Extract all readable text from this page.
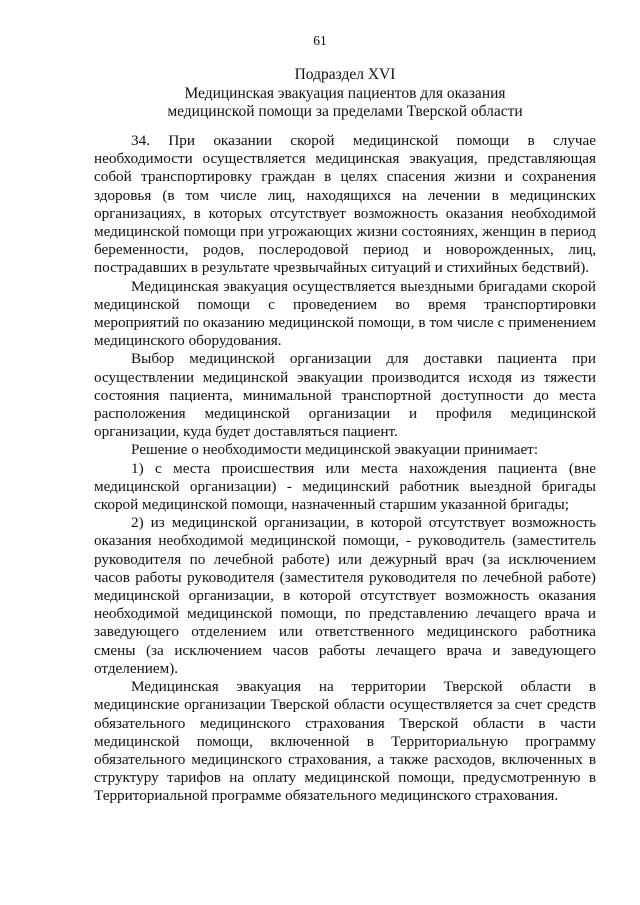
61
Подраздел XVI
Медицинская эвакуация пациентов для оказания
медицинской помощи за пределами Тверской области

34. При оказании скорой медицинской помощи в случае необходимости осуществляется медицинская эвакуация, представляющая собой транспортировку граждан в целях спасения жизни и сохранения здоровья (в том числе лиц, находящихся на лечении в медицинских организациях, в которых отсутствует возможность оказания необходимой медицинской помощи при угрожающих жизни состояниях, женщин в период беременности, родов, послеродовой период и новорожденных, лиц, пострадавших в результате чрезвычайных ситуаций и стихийных бедствий).

Медицинская эвакуация осуществляется выездными бригадами скорой медицинской помощи с проведением во время транспортировки мероприятий по оказанию медицинской помощи, в том числе с применением медицинского оборудования.

Выбор медицинской организации для доставки пациента при осуществлении медицинской эвакуации производится исходя из тяжести состояния пациента, минимальной транспортной доступности до места расположения медицинской организации и профиля медицинской организации, куда будет доставляться пациент.

Решение о необходимости медицинской эвакуации принимает:

1) с места происшествия или места нахождения пациента (вне медицинской организации) - медицинский работник выездной бригады скорой медицинской помощи, назначенный старшим указанной бригады;

2) из медицинской организации, в которой отсутствует возможность оказания необходимой медицинской помощи, - руководитель (заместитель руководителя по лечебной работе) или дежурный врач (за исключением часов работы руководителя (заместителя руководителя по лечебной работе) медицинской организации, в которой отсутствует возможность оказания необходимой медицинской помощи, по представлению лечащего врача и заведующего отделением или ответственного медицинского работника смены (за исключением часов работы лечащего врача и заведующего отделением).

Медицинская эвакуация на территории Тверской области в медицинские организации Тверской области осуществляется за счет средств обязательного медицинского страхования Тверской области в части медицинской помощи, включенной в Территориальную программу обязательного медицинского страхования, а также расходов, включенных в структуру тарифов на оплату медицинской помощи, предусмотренную в Территориальной программе обязательного медицинского страхования.
